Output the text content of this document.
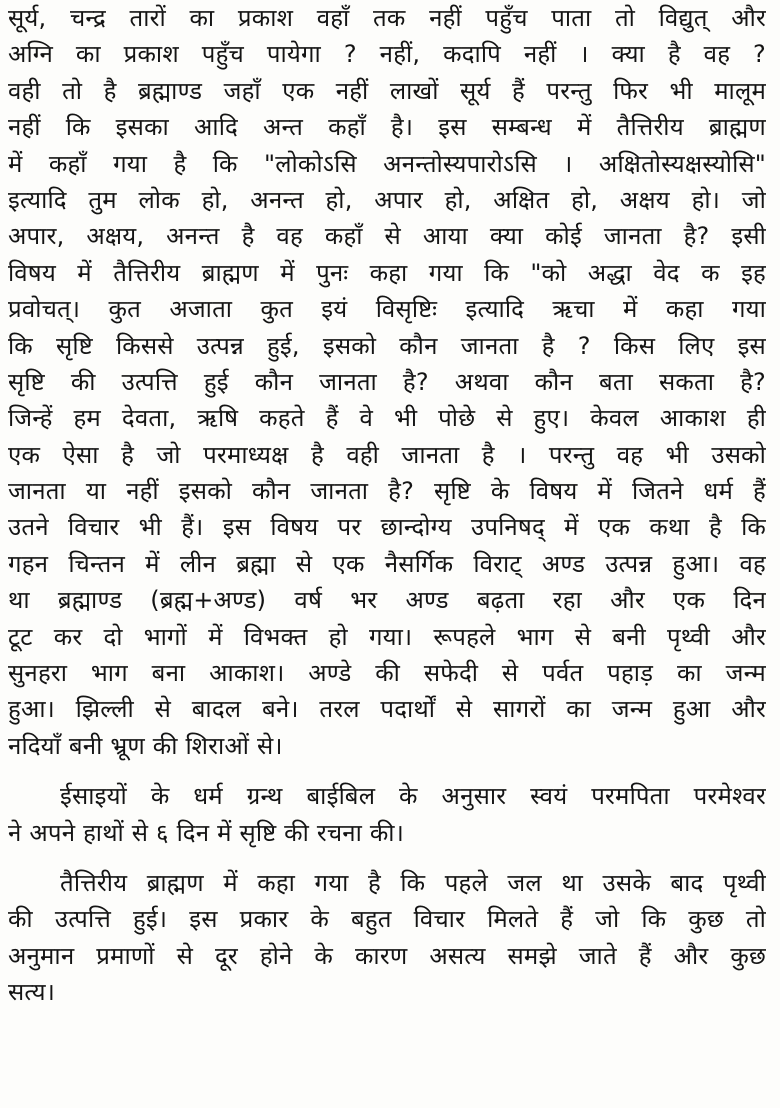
सूर्य, चन्द्र तारों का प्रकाश वहाँ तक नहीं पहुँच पाता तो विद्युत् और
अग्नि का प्रकाश पहुँच पायेगा ? नहीं, कदापि नहीं । क्या है वह ?
वही तो है ब्रह्माण्ड जहाँ एक नहीं लाखों सूर्य हैं परन्तु फिर भी मालूम
नहीं कि इसका आदि अन्त कहाँ है। इस सम्बन्ध में तैत्तिरीय ब्राह्मण
में कहाँ गया है कि "लोकोऽसि अनन्तोस्यपारोऽसि । अक्षितोस्यक्षस्योसि"
इत्यादि तुम लोक हो, अनन्त हो, अपार हो, अक्षित हो, अक्षय हो। जो
अपार, अक्षय, अनन्त है वह कहाँ से आया क्या कोई जानता है? इसी
विषय में तैत्तिरीय ब्राह्मण में पुनः कहा गया कि "को अद्धा वेद क इह
प्रवोचत्। कुत अजाता कुत इयं विसृष्टिः इत्यादि ऋचा में कहा गया
कि सृष्टि किससे उत्पन्न हुई, इसको कौन जानता है ? किस लिए इस
सृष्टि की उत्पत्ति हुई कौन जानता है? अथवा कौन बता सकता है?
जिन्हें हम देवता, ऋषि कहते हैं वे भी पोछे से हुए। केवल आकाश ही
एक ऐसा है जो परमाध्यक्ष है वही जानता है । परन्तु वह भी उसको
जानता या नहीं इसको कौन जानता है? सृष्टि के विषय में जितने धर्म हैं
उतने विचार भी हैं। इस विषय पर छान्दोग्य उपनिषद् में एक कथा है कि
गहन चिन्तन में लीन ब्रह्मा से एक नैसर्गिक विराट् अण्ड उत्पन्न हुआ। वह
था ब्रह्माण्ड (ब्रह्म+अण्ड) वर्ष भर अण्ड बढ़ता रहा और एक दिन
टूट कर दो भागों में विभक्त हो गया। रूपहले भाग से बनी पृथ्वी और
सुनहरा भाग बना आकाश। अण्डे की सफेदी से पर्वत पहाड़ का जन्म
हुआ। झिल्ली से बादल बने। तरल पदार्थों से सागरों का जन्म हुआ और
नदियाँ बनी भ्रूण की शिराओं से।
ईसाइयों के धर्म ग्रन्थ बाईबिल के अनुसार स्वयं परमपिता परमेश्वर
ने अपने हाथों से ६ दिन में सृष्टि की रचना की।
तैत्तिरीय ब्राह्मण में कहा गया है कि पहले जल था उसके बाद पृथ्वी
की उत्पत्ति हुई। इस प्रकार के बहुत विचार मिलते हैं जो कि कुछ तो
अनुमान प्रमाणों से दूर होने के कारण असत्य समझे जाते हैं और कुछ
सत्य।
